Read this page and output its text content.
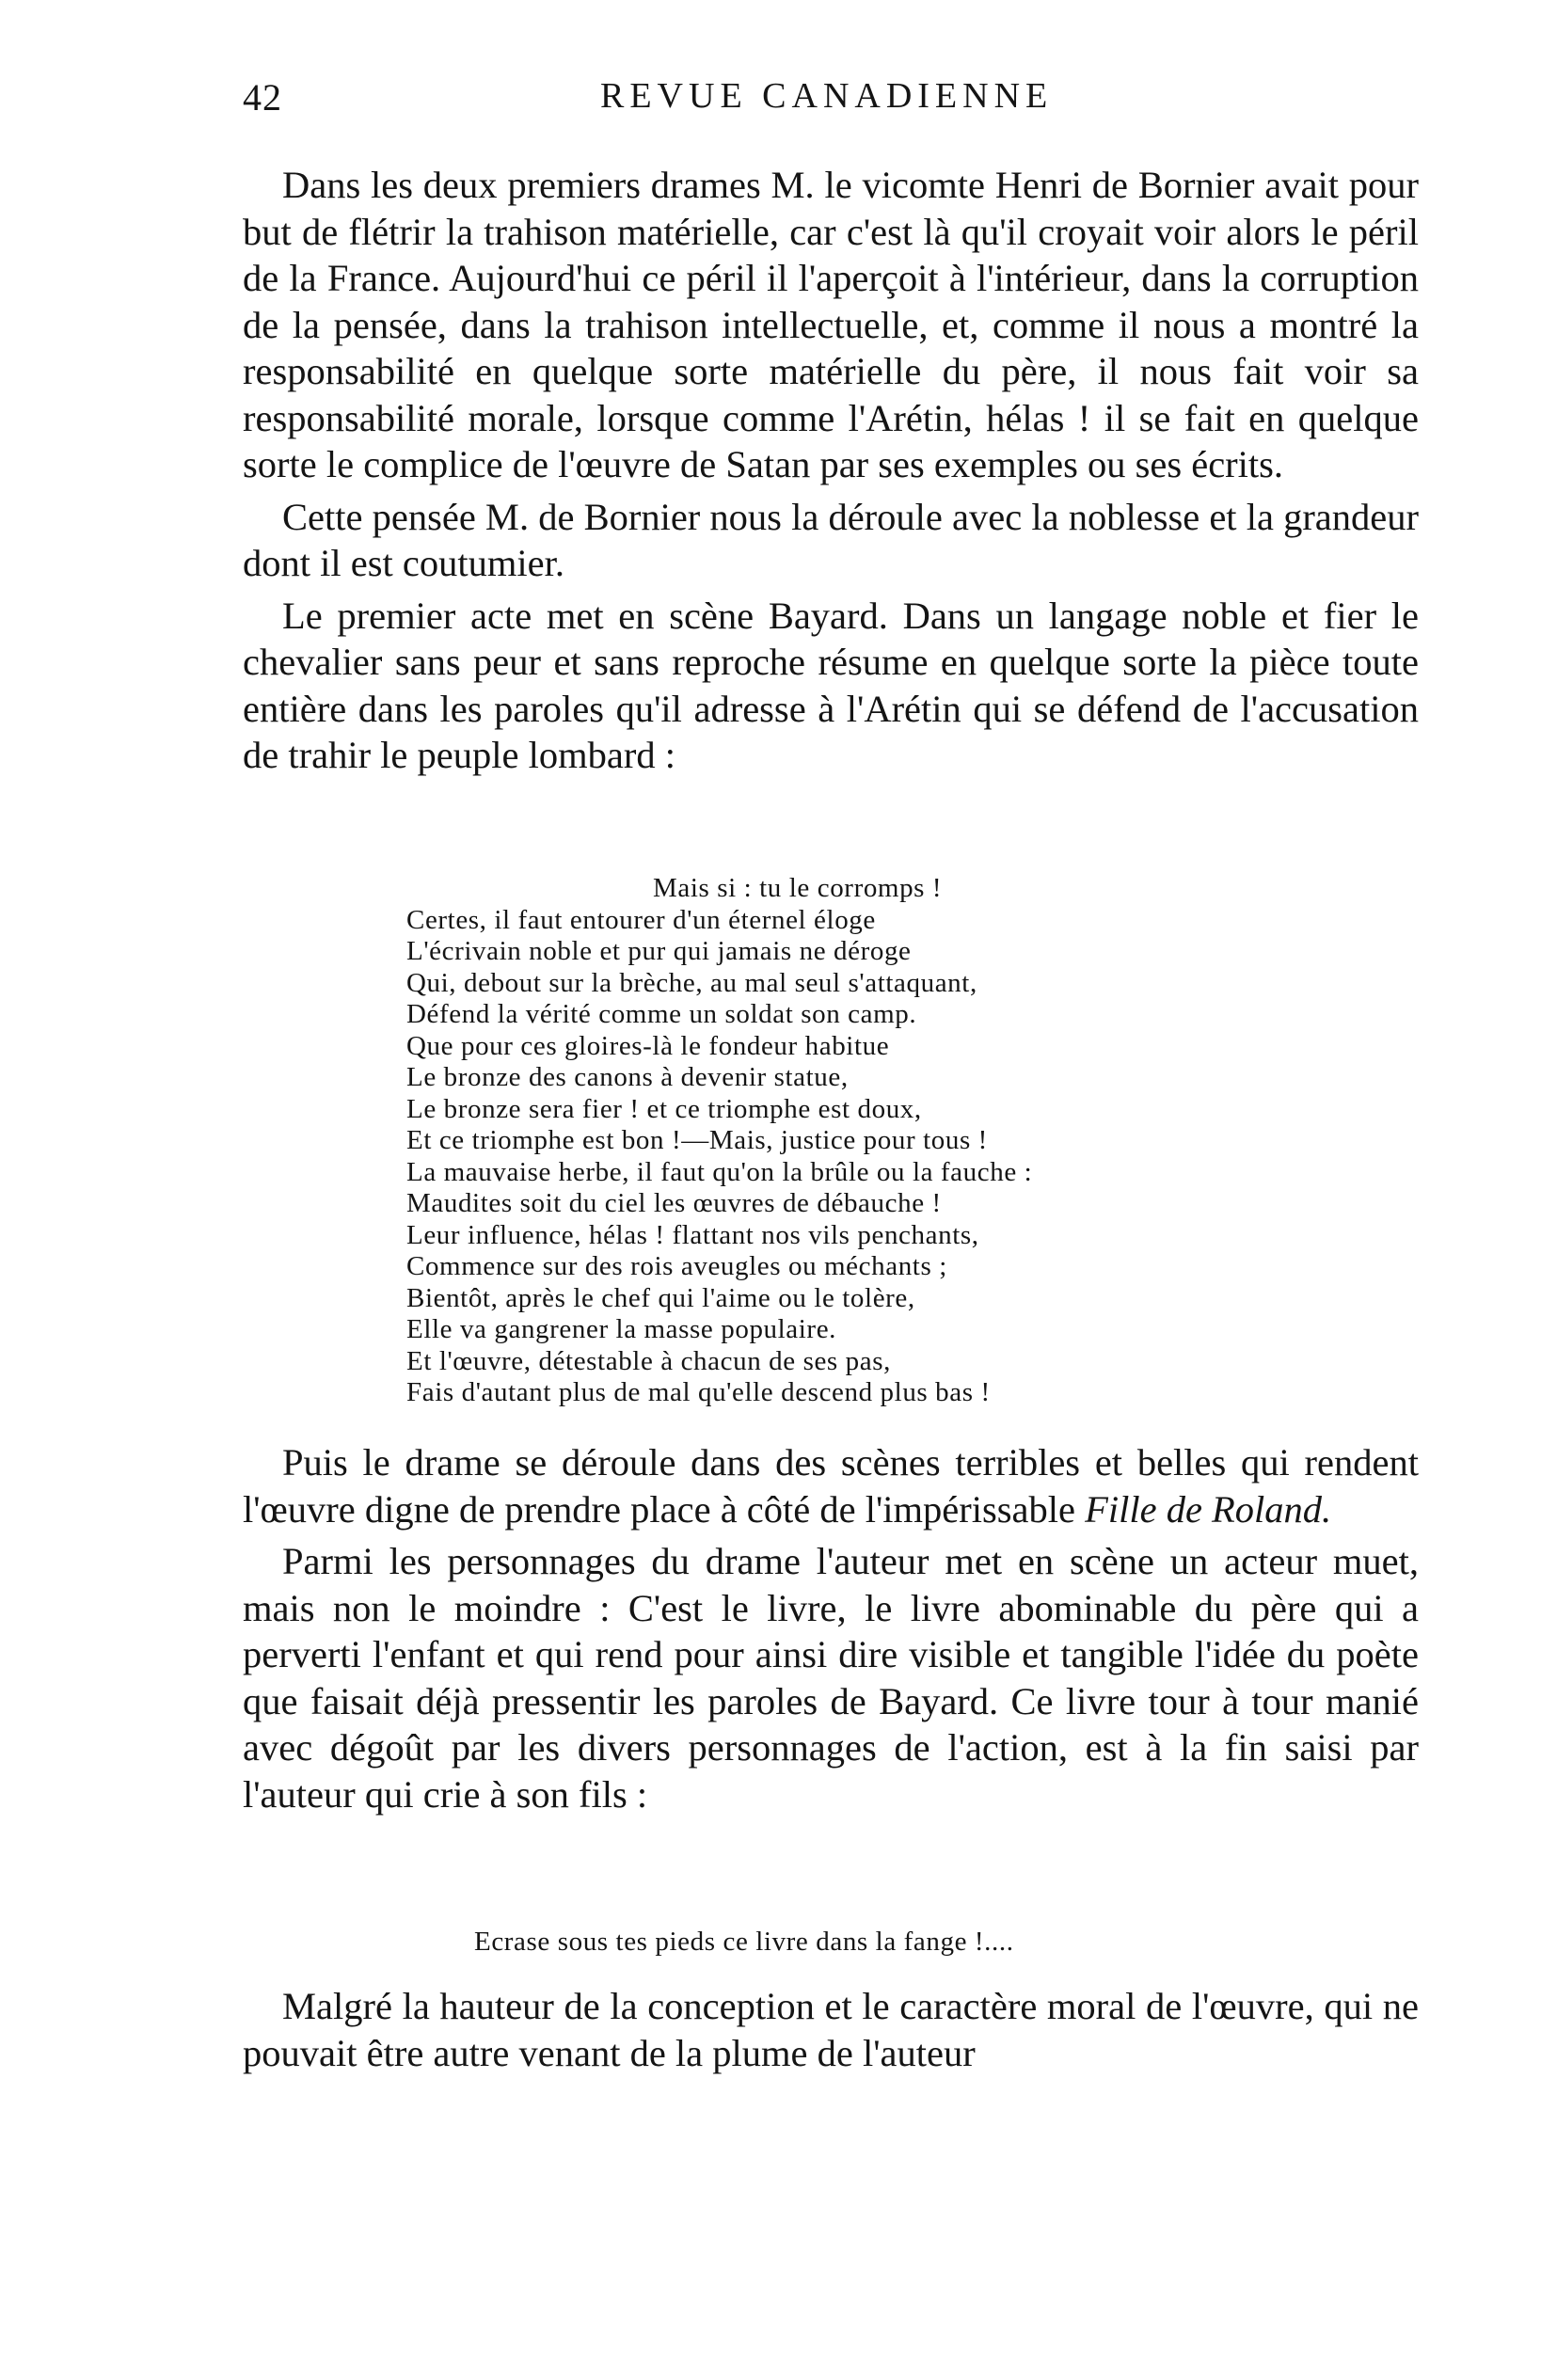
42	REVUE CANADIENNE

Dans les deux premiers drames M. le vicomte Henri de Bornier avait pour but de flétrir la trahison matérielle, car c'est là qu'il croyait voir alors le péril de la France. Aujourd'hui ce péril il l'aperçoit à l'intérieur, dans la corruption de la pensée, dans la trahison intellectuelle, et, comme il nous a montré la responsabilité en quelque sorte matérielle du père, il nous fait voir sa responsabilité morale, lorsque comme l'Arétin, hélas ! il se fait en quelque sorte le complice de l'œuvre de Satan par ses exemples ou ses écrits.

Cette pensée M. de Bornier nous la déroule avec la noblesse et la grandeur dont il est coutumier.

Le premier acte met en scène Bayard. Dans un langage noble et fier le chevalier sans peur et sans reproche résume en quelque sorte la pièce toute entière dans les paroles qu'il adresse à l'Arétin qui se défend de l'accusation de trahir le peuple lombard :

Mais si : tu le corromps !
Certes, il faut entourer d'un éternel éloge
L'écrivain noble et pur qui jamais ne déroge
Qui, debout sur la brèche, au mal seul s'attaquant,
Défend la vérité comme un soldat son camp.
Que pour ces gloires-là le fondeur habitue
Le bronze des canons à devenir statue,
Le bronze sera fier ! et ce triomphe est doux,
Et ce triomphe est bon !—Mais, justice pour tous !
La mauvaise herbe, il faut qu'on la brûle ou la fauche :
Maudites soit du ciel les œuvres de débauche !
Leur influence, hélas ! flattant nos vils penchants,
Commence sur des rois aveugles ou méchants ;
Bientôt, après le chef qui l'aime ou le tolère,
Elle va gangrener la masse populaire.
Et l'œuvre, détestable à chacun de ses pas,
Fais d'autant plus de mal qu'elle descend plus bas !

Puis le drame se déroule dans des scènes terribles et belles qui rendent l'œuvre digne de prendre place à côté de l'impérissable Fille de Roland.

Parmi les personnages du drame l'auteur met en scène un acteur muet, mais non le moindre : C'est le livre, le livre abominable du père qui a perverti l'enfant et qui rend pour ainsi dire visible et tangible l'idée du poète que faisait déjà pressentir les paroles de Bayard. Ce livre tour à tour manié avec dégoût par les divers personnages de l'action, est à la fin saisi par l'auteur qui crie à son fils :

Ecrase sous tes pieds ce livre dans la fange !....

Malgré la hauteur de la conception et le caractère moral de l'œuvre, qui ne pouvait être autre venant de la plume de l'auteur
